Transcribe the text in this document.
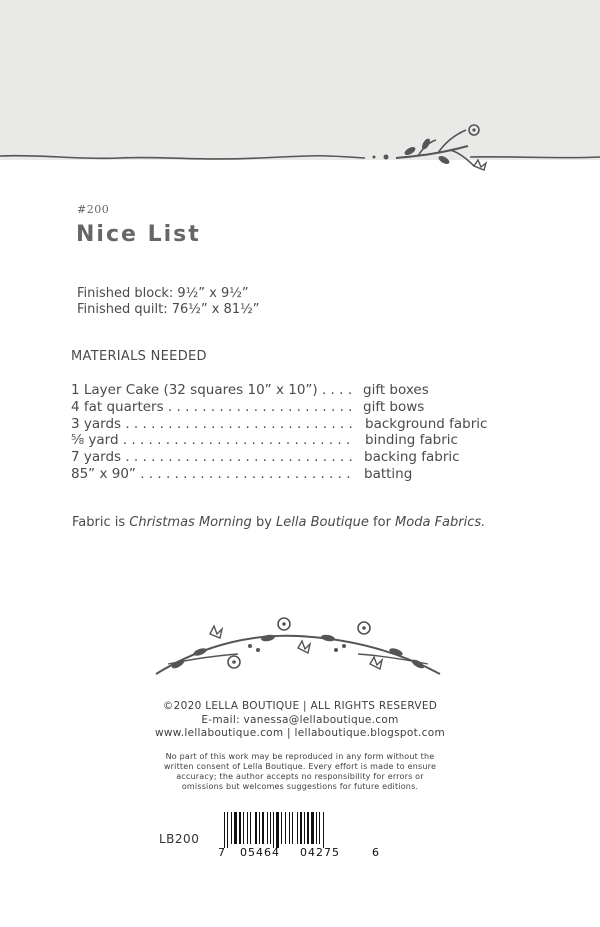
#200
Nice List
Finished block: 9½” x 9½”
Finished quilt: 76½” x 81½”
MATERIALS NEEDED
1 Layer Cake (32 squares 10” x 10”) . . . . gift boxes
4 fat quarters . . . . . . . . . . . . . . . . . . . . . . gift bows
3 yards . . . . . . . . . . . . . . . . . . . . . . . . . . . background fabric
⅝ yard . . . . . . . . . . . . . . . . . . . . . . . . . . . binding fabric
7 yards . . . . . . . . . . . . . . . . . . . . . . . . . . . backing fabric
85” x 90” . . . . . . . . . . . . . . . . . . . . . . . . . batting
Fabric is Christmas Morning by Lella Boutique for Moda Fabrics.
©2020 LELLA BOUTIQUE | ALL RIGHTS RESERVED
E-mail: vanessa@lellaboutique.com
www.lellaboutique.com | lellaboutique.blogspot.com
No part of this work may be reproduced in any form without the
written consent of Lella Boutique. Every effort is made to ensure
accuracy; the author accepts no responsibility for errors or
omissions but welcomes suggestions for future editions.
LB200
7 05464 04275	6
